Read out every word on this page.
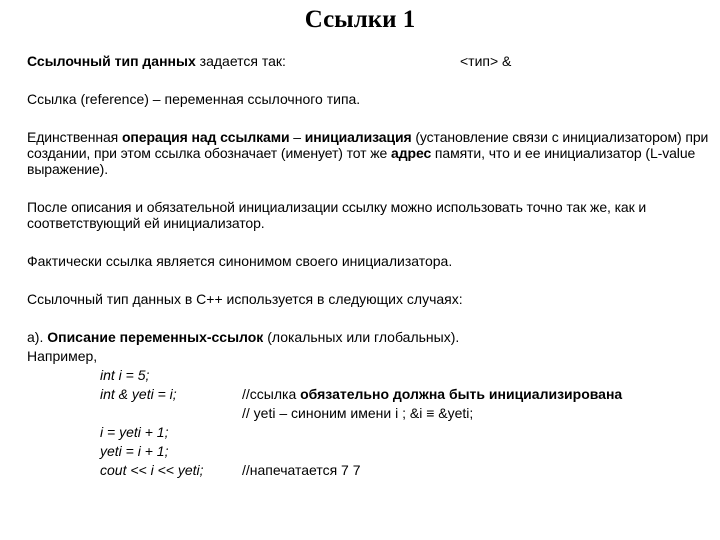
Ссылки 1
Ссылочный тип данных задается так:	<тип> &
Ссылка (reference) – переменная ссылочного типа.
Единственная операция над ссылками – инициализация (установление связи с инициализатором) при создании, при этом ссылка обозначает (именует) тот же адрес памяти, что и ее инициализатор (L-value выражение).
После описания и обязательной инициализации ссылку можно использовать точно так же, как и соответствующий ей инициализатор.
Фактически ссылка является синонимом своего инициализатора.
Ссылочный тип данных в С++ используется в следующих случаях:
а). Описание переменных-ссылок (локальных или глобальных).
Например,
int i = 5;
int & yeti = i;	//ссылка обязательно должна быть инициализирована
// yeti – синоним имени i ; &i ≡ &yeti;
i = yeti + 1;
yeti = i + 1;
cout << i << yeti;	//напечатается 7 7
